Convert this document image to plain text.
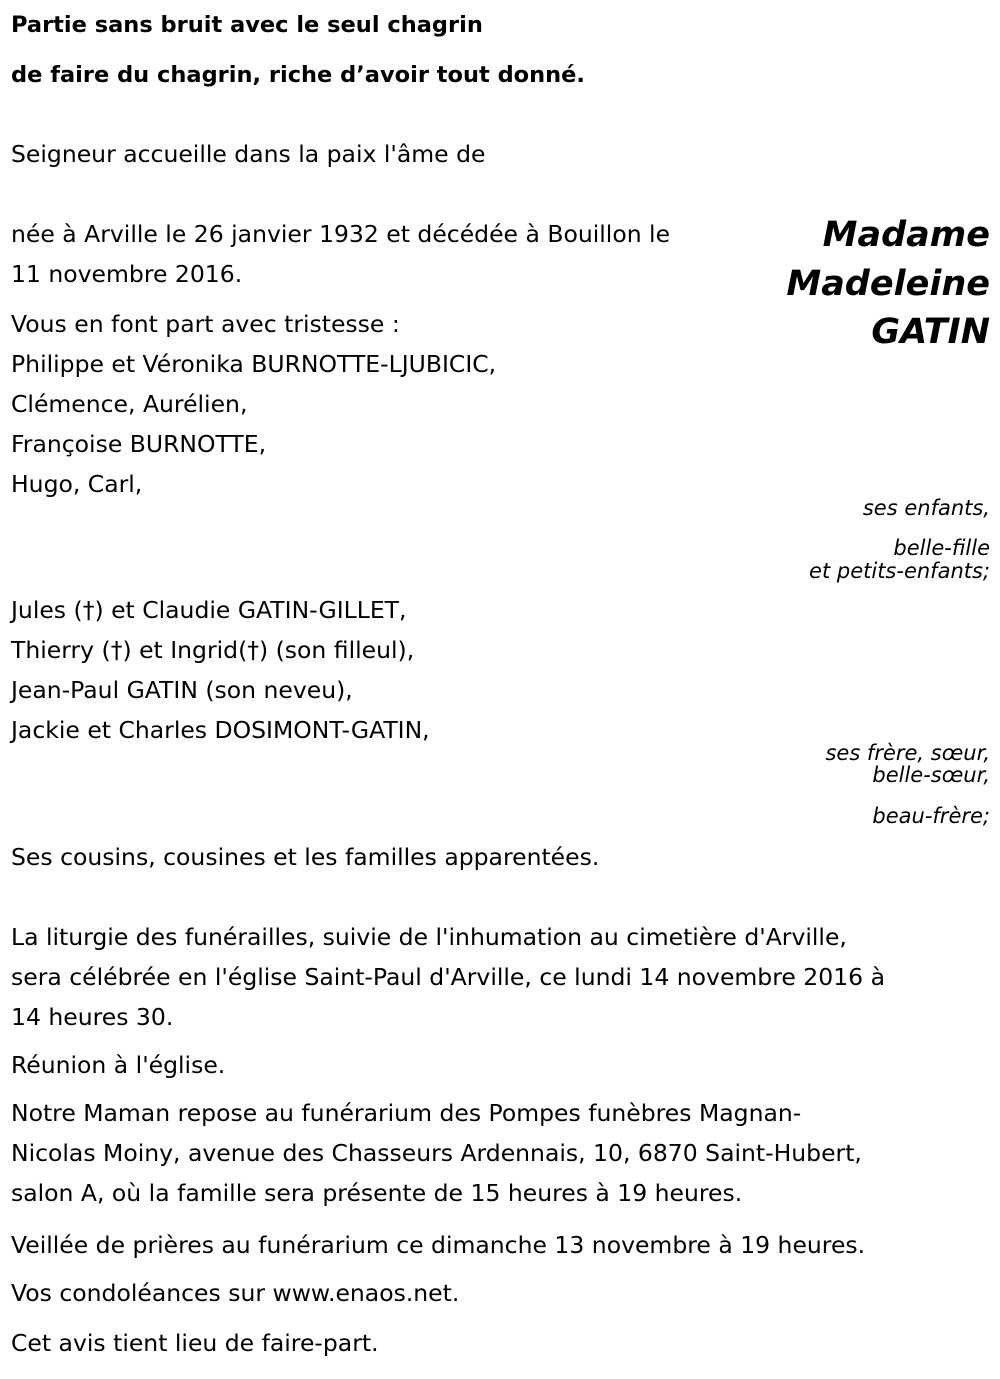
Partie sans bruit avec le seul chagrin
de faire du chagrin, riche d’avoir tout donné.
Seigneur accueille dans la paix l'âme de
Madame
Madeleine
GATIN
née à Arville le 26 janvier 1932 et décédée à Bouillon le
11 novembre 2016.
Vous en font part avec tristesse :
Philippe et Véronika BURNOTTE-LJUBICIC,
Clémence, Aurélien,
Françoise BURNOTTE,
Hugo, Carl,
ses enfants,
belle-fille
et petits-enfants;
Jules (†) et Claudie GATIN-GILLET,
Thierry (†) et Ingrid(†) (son filleul),
Jean-Paul GATIN (son neveu),
Jackie et Charles DOSIMONT-GATIN,
ses frère, sœur,
belle-sœur,
beau-frère;
Ses cousins, cousines et les familles apparentées.
La liturgie des funérailles, suivie de l'inhumation au cimetière d'Arville,
sera célébrée en l'église Saint-Paul d'Arville, ce lundi 14 novembre 2016 à
14 heures 30.
Réunion à l'église.
Notre Maman repose au funérarium des Pompes funèbres Magnan-
Nicolas Moiny, avenue des Chasseurs Ardennais, 10, 6870 Saint-Hubert,
salon A, où la famille sera présente de 15 heures à 19 heures.
Veillée de prières au funérarium ce dimanche 13 novembre à 19 heures.
Vos condoléances sur www.enaos.net.
Cet avis tient lieu de faire-part.
